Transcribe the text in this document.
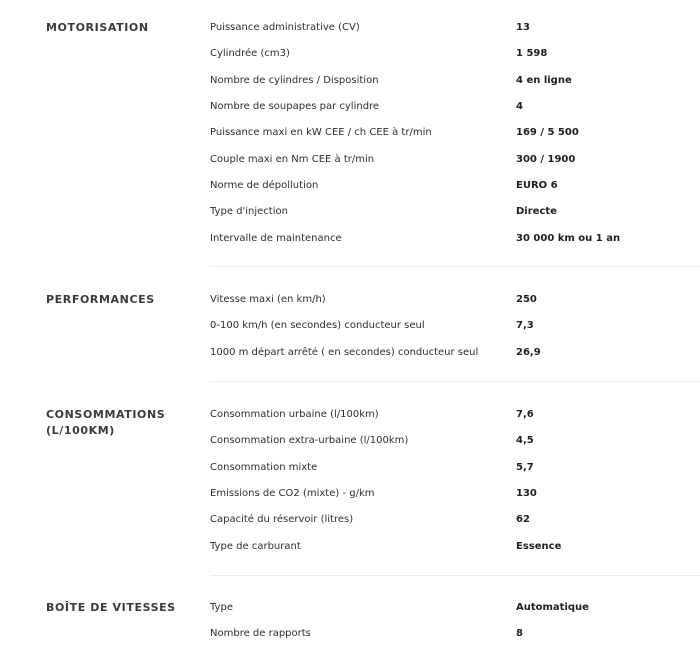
MOTORISATION	Puissance administrative (CV)	13
Cylindrée (cm3)	1 598
Nombre de cylindres / Disposition	4 en ligne
Nombre de soupapes par cylindre	4
Puissance maxi en kW CEE / ch CEE à tr/min	169 / 5 500
Couple maxi en Nm CEE à tr/min	300 / 1900
Norme de dépollution	EURO 6
Type d'injection	Directe
Intervalle de maintenance	30 000 km ou 1 an
PERFORMANCES	Vitesse maxi (en km/h)	250
0-100 km/h (en secondes) conducteur seul	7,3
1000 m départ arrêté ( en secondes) conducteur seul	26,9
CONSOMMATIONS
(L/100KM)
Consommation urbaine (l/100km)	7,6
Consommation extra-urbaine (l/100km)	4,5
Consommation mixte	5,7
Emissions de CO2 (mixte) - g/km	130
Capacité du réservoir (litres)	62
Type de carburant	Essence
BOÎTE DE VITESSES	Type	Automatique
Nombre de rapports	8
